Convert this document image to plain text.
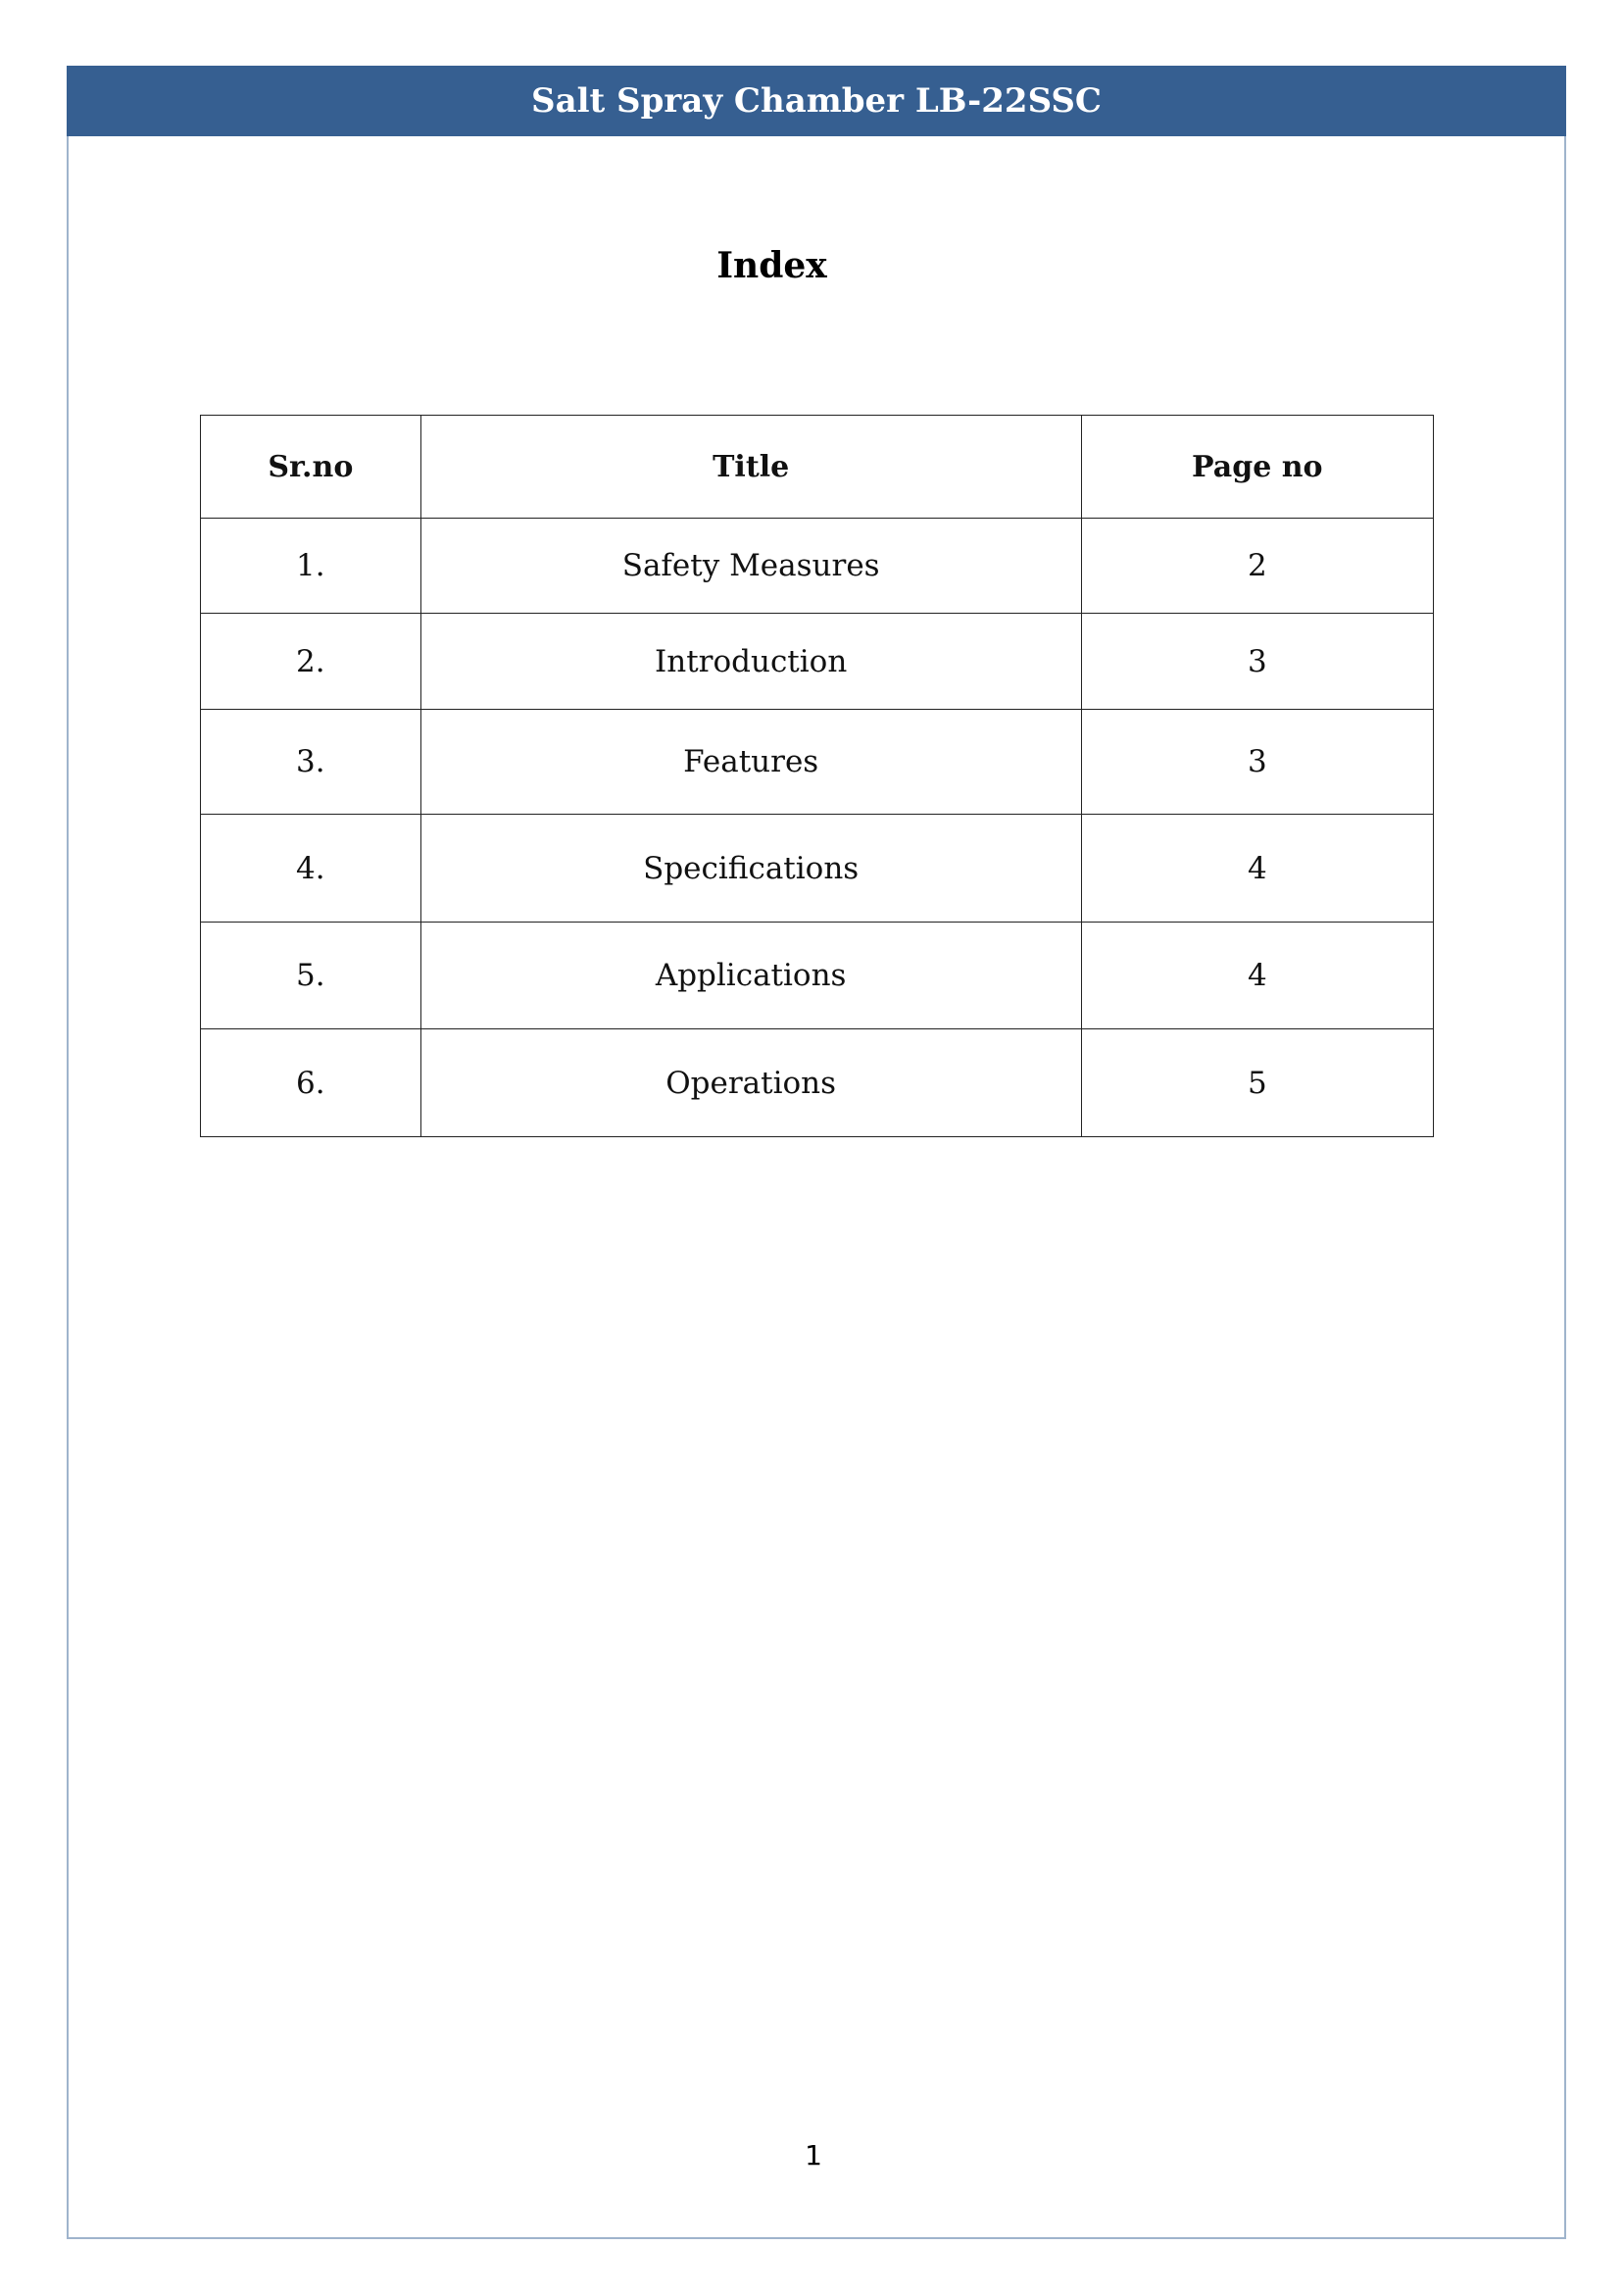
Salt Spray Chamber LB-22SSC
Index
Sr.no	Title	Page no
1.	Safety Measures	2
2.	Introduction	3
3.	Features	3
4.	Specifications	4
5.	Applications	4
6.	Operations	5
1
